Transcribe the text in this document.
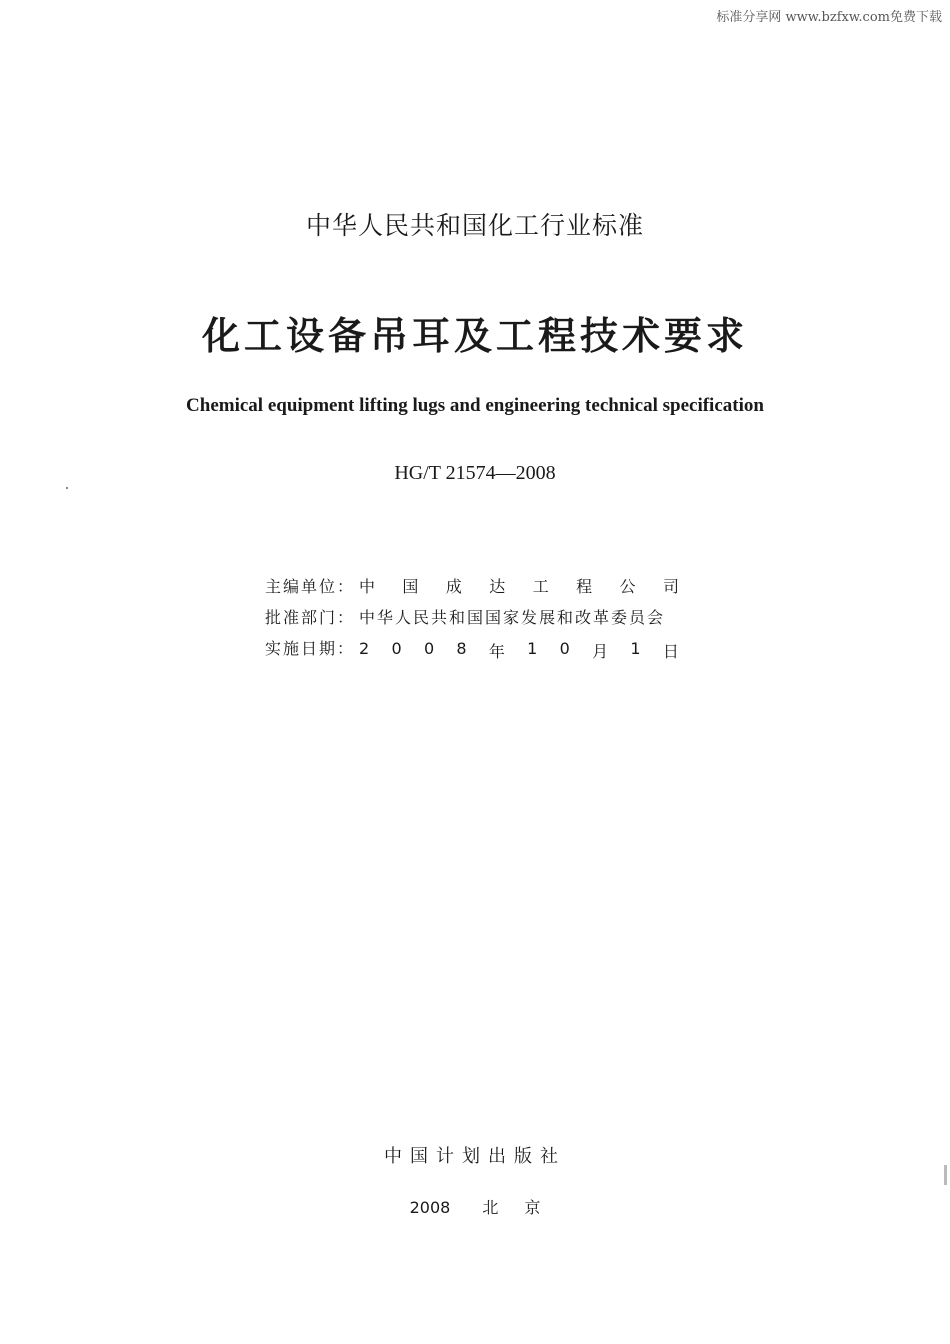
标准分享网 www.bzfxw.com免费下载
中华人民共和国化工行业标准
化工设备吊耳及工程技术要求
Chemical equipment lifting lugs and engineering technical specification
HG/T 21574—2008
主编单位： 中 国 成 达 工 程 公 司
批准部门： 中华人民共和国国家发展和改革委员会
实施日期： 2 0 0 8 年 1 0 月 1 日
中国计划出版社
2008 北 京
